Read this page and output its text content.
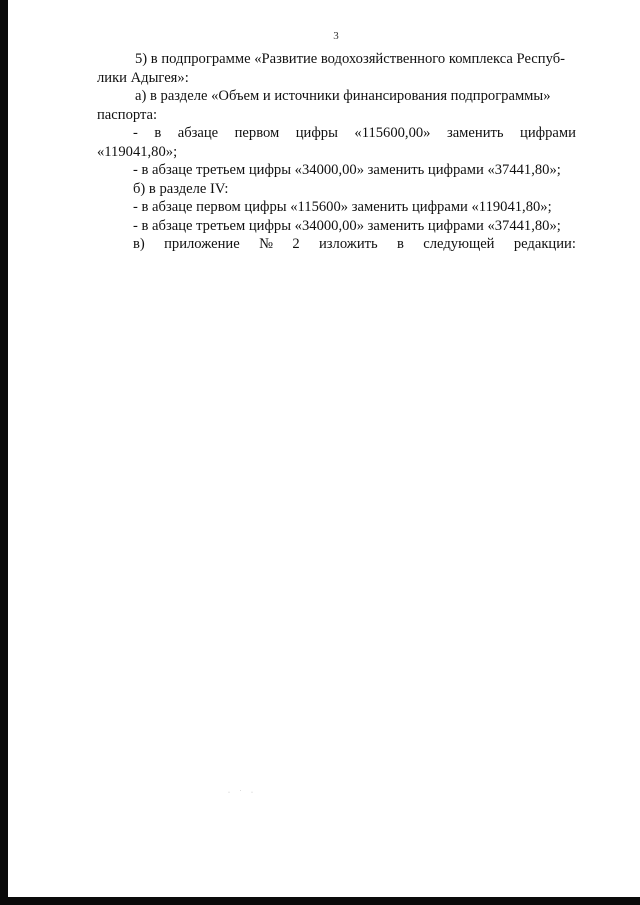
3
5) в подпрограмме «Развитие водохозяйственного комплекса Респуб-
лики Адыгея»:
а) в разделе «Объем и источники финансирования подпрограммы»
паспорта:
- в абзаце первом цифры «115600,00» заменить цифрами
«119041,80»;
- в абзаце третьем цифры «34000,00» заменить цифрами «37441,80»;
б) в разделе IV:
- в абзаце первом цифры «115600» заменить цифрами «119041,80»;
- в абзаце третьем цифры «34000,00» заменить цифрами «37441,80»;
в) приложение № 2 изложить в следующей редакции:
· ˙ ·
